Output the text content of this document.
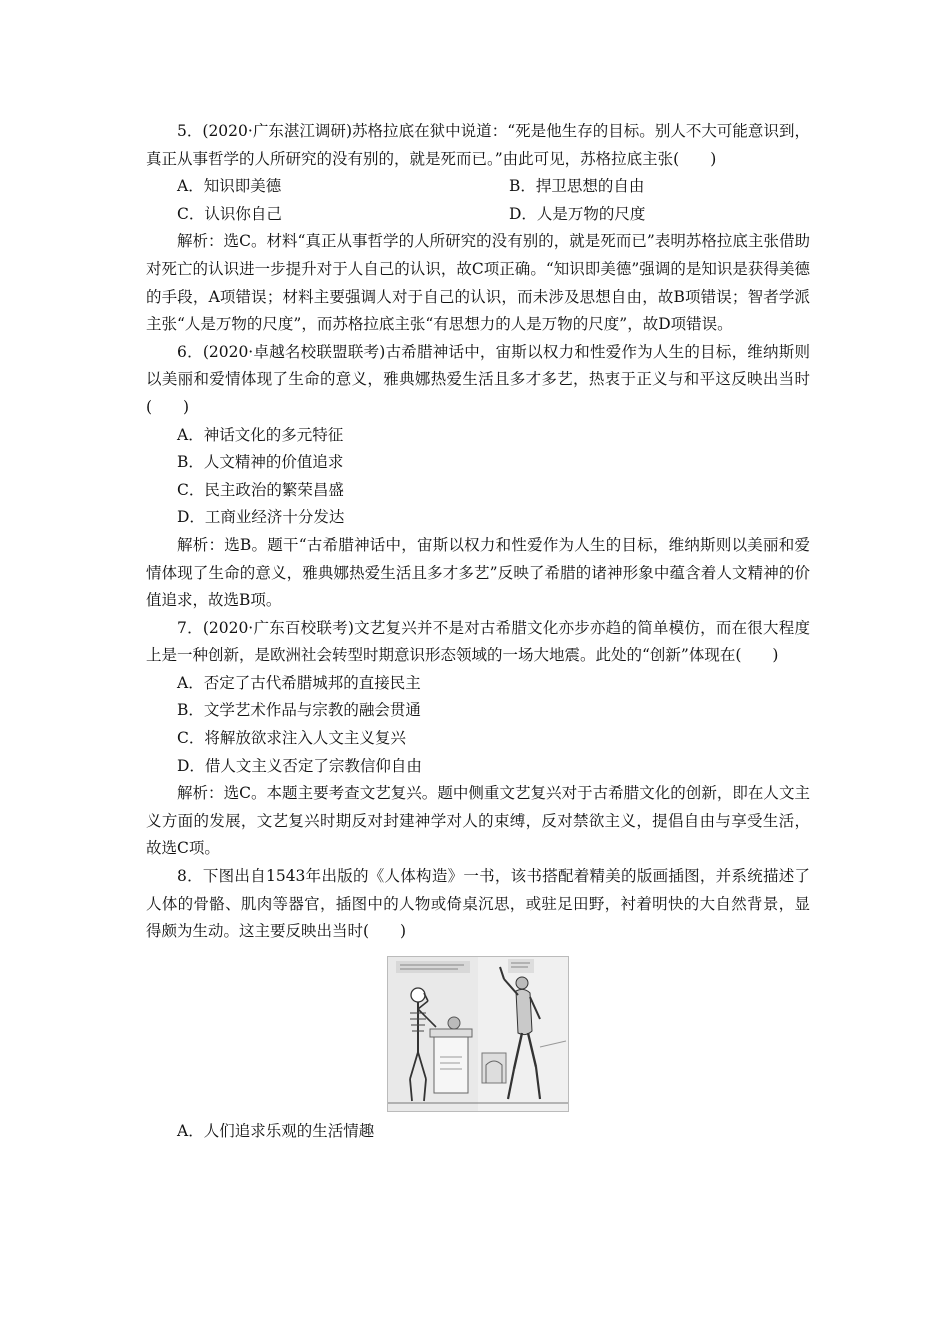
5．(2020·广东湛江调研)苏格拉底在狱中说道：“死是他生存的目标。别人不大可能意识到，真正从事哲学的人所研究的没有别的，就是死而已。”由此可见，苏格拉底主张(　　)

A．知识即美德	B．捍卫思想的自由
C．认识你自己	D．人是万物的尺度

解析：选C。材料“真正从事哲学的人所研究的没有别的，就是死而已”表明苏格拉底主张借助对死亡的认识进一步提升对于人自己的认识，故C项正确。“知识即美德”强调的是知识是获得美德的手段，A项错误；材料主要强调人对于自己的认识，而未涉及思想自由，故B项错误；智者学派主张“人是万物的尺度”，而苏格拉底主张“有思想力的人是万物的尺度”，故D项错误。

6．(2020·卓越名校联盟联考)古希腊神话中，宙斯以权力和性爱作为人生的目标，维纳斯则以美丽和爱情体现了生命的意义，雅典娜热爱生活且多才多艺，热衷于正义与和平这反映出当时(　　)

A．神话文化的多元特征

B．人文精神的价值追求

C．民主政治的繁荣昌盛

D．工商业经济十分发达

解析：选B。题干“古希腊神话中，宙斯以权力和性爱作为人生的目标，维纳斯则以美丽和爱情体现了生命的意义，雅典娜热爱生活且多才多艺”反映了希腊的诸神形象中蕴含着人文精神的价值追求，故选B项。

7．(2020·广东百校联考)文艺复兴并不是对古希腊文化亦步亦趋的简单模仿，而在很大程度上是一种创新，是欧洲社会转型时期意识形态领域的一场大地震。此处的“创新”体现在(　　)

A．否定了古代希腊城邦的直接民主

B．文学艺术作品与宗教的融会贯通

C．将解放欲求注入人文主义复兴

D．借人文主义否定了宗教信仰自由

解析：选C。本题主要考查文艺复兴。题中侧重文艺复兴对于古希腊文化的创新，即在人文主义方面的发展，文艺复兴时期反对封建神学对人的束缚，反对禁欲主义，提倡自由与享受生活，故选C项。

8．下图出自1543年出版的《人体构造》一书，该书搭配着精美的版画插图，并系统描述了人体的骨骼、肌肉等器官，插图中的人物或倚桌沉思，或驻足田野，衬着明快的大自然背景，显得颇为生动。这主要反映出当时(　　)

A．人们追求乐观的生活情趣
